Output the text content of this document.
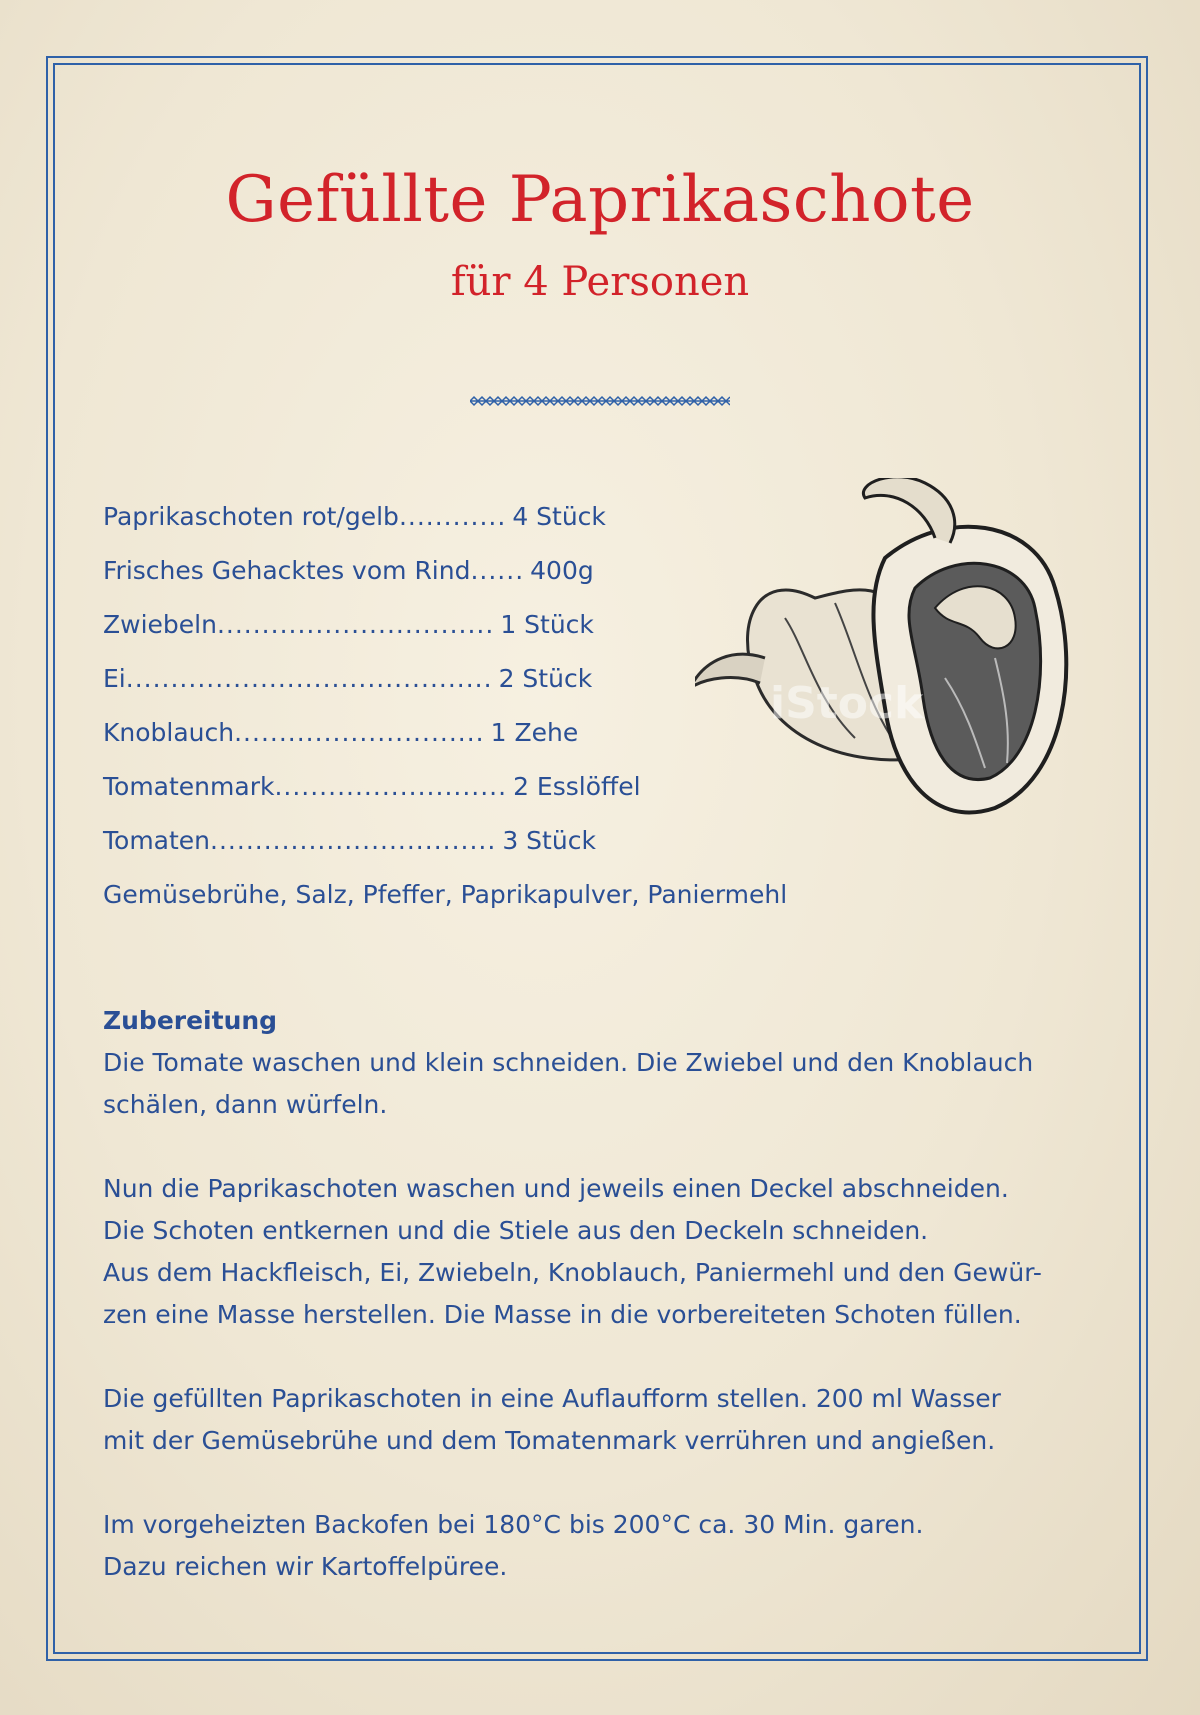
Gefüllte Paprikaschote
für 4 Personen
iStock
Paprikaschoten rot/gelb ............ 4 Stück
Frisches Gehacktes vom Rind ...... 400g
Zwiebeln ............................... 1 Stück
Ei ......................................... 2 Stück
Knoblauch ............................ 1 Zehe
Tomatenmark .......................... 2 Esslöffel
Tomaten ................................ 3 Stück
Gemüsebrühe, Salz, Pfeffer, Paprikapulver, Paniermehl
Zubereitung

Die Tomate waschen und klein schneiden. Die Zwiebel und den Knoblauch
schälen, dann würfeln.

Nun die Paprikaschoten waschen und jeweils einen Deckel abschneiden.
Die Schoten entkernen und die Stiele aus den Deckeln schneiden.
Aus dem Hackfleisch, Ei, Zwiebeln, Knoblauch, Paniermehl und den Gewür-
zen eine Masse herstellen. Die Masse in die vorbereiteten Schoten füllen.

Die gefüllten Paprikaschoten in eine Auflaufform stellen. 200 ml Wasser
mit der Gemüsebrühe und dem Tomatenmark verrühren und angießen.

Im vorgeheizten Backofen bei 180°C bis 200°C ca. 30 Min. garen.
Dazu reichen wir Kartoffelpüree.
